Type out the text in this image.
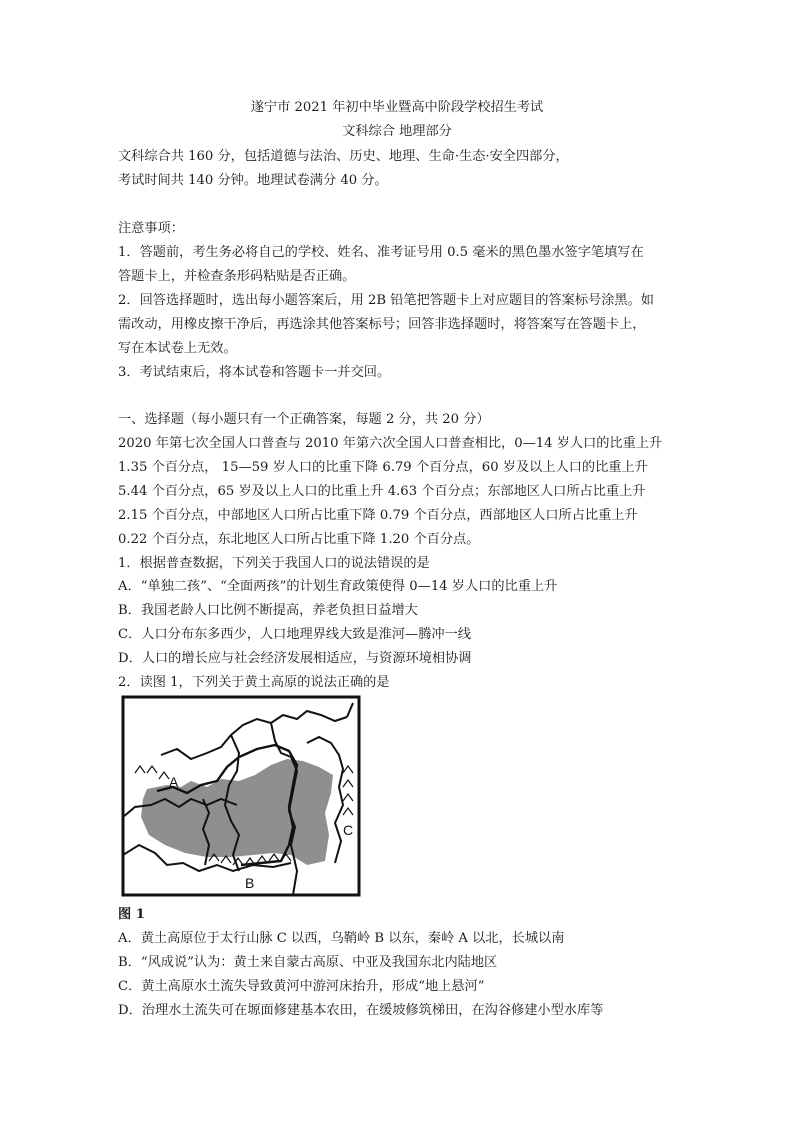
遂宁市 2021 年初中毕业暨高中阶段学校招生考试
文科综合 地理部分
文科综合共 160 分，包括道德与法治、历史、地理、生命·生态·安全四部分，
考试时间共 140 分钟。地理试卷满分 40 分。
注意事项：
1．答题前，考生务必将自己的学校、姓名、准考证号用 0.5 毫米的黑色墨水签字笔填写在
答题卡上，并检查条形码粘贴是否正确。
2．回答选择题时，选出每小题答案后，用 2B 铅笔把答题卡上对应题目的答案标号涂黑。如
需改动，用橡皮擦干净后，再选涂其他答案标号；回答非选择题时，将答案写在答题卡上，
写在本试卷上无效。
3．考试结束后，将本试卷和答题卡一并交回。
一、选择题（每小题只有一个正确答案，每题 2 分，共 20 分）
2020 年第七次全国人口普查与 2010 年第六次全国人口普查相比，0—14 岁人口的比重上升
1.35 个百分点， 15—59 岁人口的比重下降 6.79 个百分点，60 岁及以上人口的比重上升
5.44 个百分点，65 岁及以上人口的比重上升 4.63 个百分点；东部地区人口所占比重上升
2.15 个百分点，中部地区人口所占比重下降 0.79 个百分点，西部地区人口所占比重上升
0.22 个百分点，东北地区人口所占比重下降 1.20 个百分点。
1．根据普查数据，下列关于我国人口的说法错误的是
A．“单独二孩”、“全面两孩”的计划生育政策使得 0—14 岁人口的比重上升
B．我国老龄人口比例不断提高，养老负担日益增大
C．人口分布东多西少，人口地理界线大致是淮河—腾冲一线
D．人口的增长应与社会经济发展相适应，与资源环境相协调
2．读图 1，下列关于黄土高原的说法正确的是
A
B
C
图 1
A．黄土高原位于太行山脉 C 以西，乌鞘岭 B 以东，秦岭 A 以北，长城以南
B．“风成说”认为：黄土来自蒙古高原、中亚及我国东北内陆地区
C．黄土高原水土流失导致黄河中游河床抬升，形成“地上悬河”
D．治理水土流失可在塬面修建基本农田，在缓坡修筑梯田，在沟谷修建小型水库等
